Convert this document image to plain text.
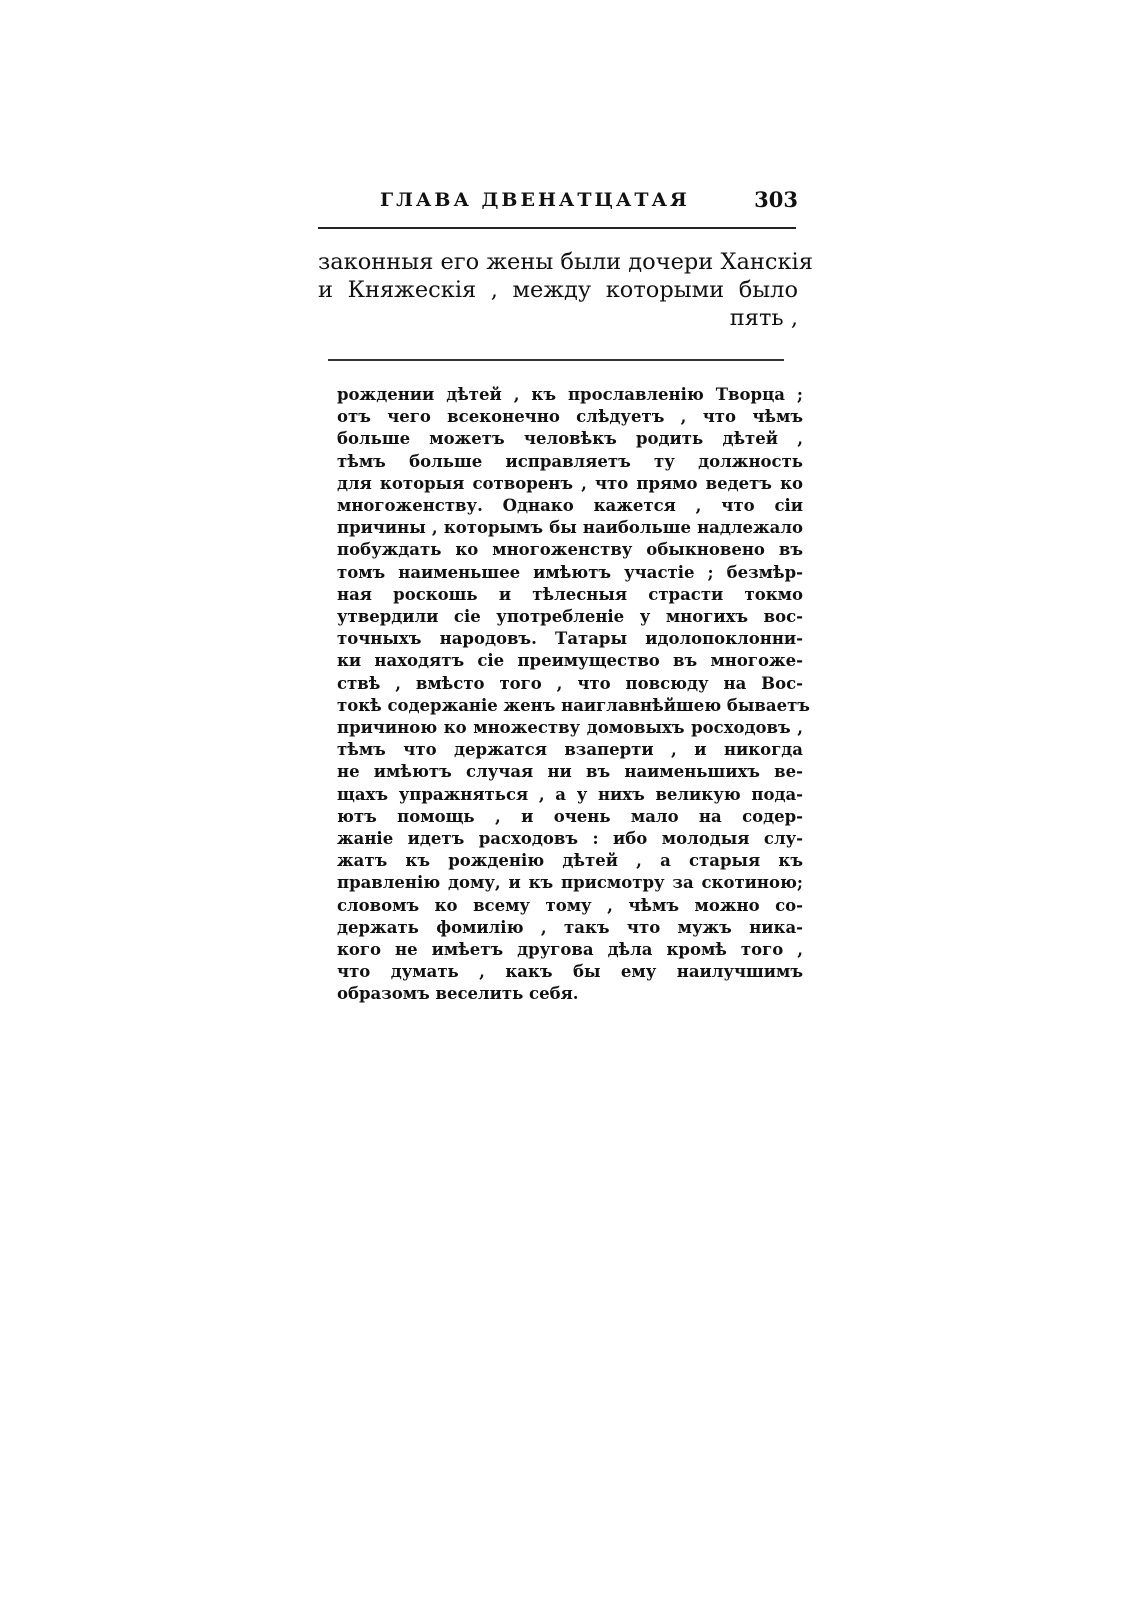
ГЛАВА ДВЕНАТЦАТАЯ	303
законныя его жены были дочери Ханскія
и Княжескія , между которыми было
пять ,
рождении дѣтей , къ прославленію Творца ;
отъ чего всеконечно слѣдуетъ , что чѣмъ
больше можетъ человѣкъ родить дѣтей ,
тѣмъ больше исправляетъ ту должность
для которыя сотворенъ , что прямо ведетъ ко
многоженству. Однако кажется , что сіи
причины , которымъ бы наибольше надлежало
побуждать ко многоженству обыкновено въ
томъ наименьшее имѣютъ участіе ; безмѣр-
ная роскошь и тѣлесныя страсти токмо
утвердили сіе употребленіе у многихъ вос-
точныхъ народовъ. Татары идолопоклонни-
ки находятъ сіе преимущество въ многоже-
ствѣ , вмѣсто того , что повсюду на Вос-
токѣ содержаніе женъ наиглавнѣйшею бываетъ
причиною ко множеству домовыхъ росходовъ ,
тѣмъ что держатся взаперти , и никогда
не имѣютъ случая ни въ наименьшихъ ве-
щахъ упражняться , а у нихъ великую пода-
ютъ помощь , и очень мало на содер-
жаніе идетъ расходовъ : ибо молодыя слу-
жатъ къ рожденію дѣтей , а старыя къ
правленію дому, и къ присмотру за скотиною;
словомъ ко всему тому , чѣмъ можно со-
держать фомилію , такъ что мужъ ника-
кого не имѣетъ другова дѣла кромѣ того ,
что думать , какъ бы ему наилучшимъ
образомъ веселить себя.
